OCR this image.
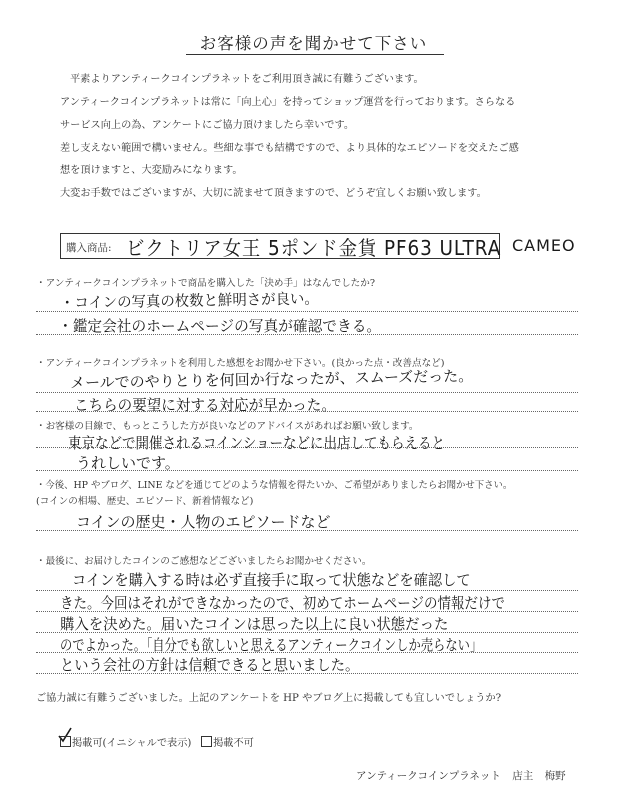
お客様の声を聞かせて下さい
平素よりアンティークコインプラネットをご利用頂き誠に有難うございます。
アンティークコインプラネットは常に「向上心」を持ってショップ運営を行っております。さらなる
サービス向上の為、アンケートにご協力頂けましたら幸いです。
差し支えない範囲で構いません。些細な事でも結構ですので、より具体的なエピソードを交えたご感
想を頂けますと、大変励みになります。
大変お手数ではございますが、大切に読ませて頂きますので、どうぞ宜しくお願い致します。
購入商品: ビクトリア女王 5ポンド金貨 PF63 ULTRA CAMEO
・アンティークコインプラネットで商品を購入した「決め手」はなんでしたか?
・コインの写真の枚数と鮮明さが良い。
・鑑定会社のホームページの写真が確認できる。
・アンティークコインプラネットを利用した感想をお聞かせ下さい。(良かった点・改善点など)
メールでのやりとりを何回か行なったが、スムーズだった。
こちらの要望に対する対応が早かった。
・お客様の目線で、もっとこうした方が良いなどのアドバイスがあればお願い致します。
東京などで開催されるコインショーなどに出店してもらえると
うれしいです。
・今後、HP やブログ、LINE などを通じてどのような情報を得たいか、ご希望がありましたらお聞かせ下さい。
(コインの相場、歴史、エピソード、新着情報など)
コインの歴史・人物のエピソードなど
・最後に、お届けしたコインのご感想などございましたらお聞かせください。
コインを購入する時は必ず直接手に取って状態などを確認して
きた。今回はそれができなかったので、初めてホームページの情報だけで
購入を決めた。届いたコインは思った以上に良い状態だった
のでよかった。「自分でも欲しいと思えるアンティークコインしか売らない」
という会社の方針は信頼できると思いました。
ご協力誠に有難うございました。上記のアンケートを HP やブログ上に掲載しても宜しいでしょうか?
掲載可(イニシャルで表示) 掲載不可
アンティークコインプラネット 店主 梅野
